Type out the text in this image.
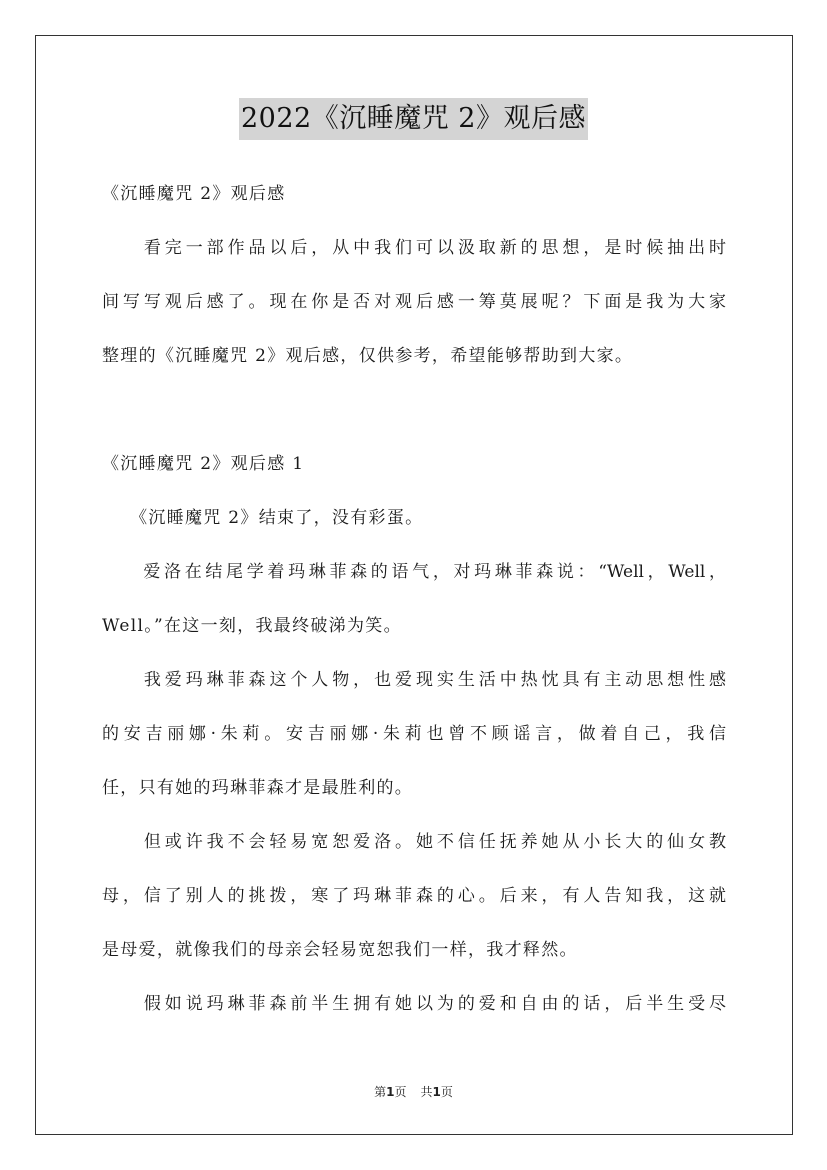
2022《沉睡魔咒 2》观后感
《沉睡魔咒 2》观后感
　　看完一部作品以后，从中我们可以汲取新的思想，是时候抽出时
间写写观后感了。现在你是否对观后感一筹莫展呢？下面是我为大家
整理的《沉睡魔咒 2》观后感，仅供参考，希望能够帮助到大家。
《沉睡魔咒 2》观后感 1
　　《沉睡魔咒 2》结束了，没有彩蛋。
　　爱洛在结尾学着玛琳菲森的语气，对玛琳菲森说：“Well，Well，
Well。”在这一刻，我最终破涕为笑。
　　我爱玛琳菲森这个人物，也爱现实生活中热忱具有主动思想性感
的安吉丽娜·朱莉。安吉丽娜·朱莉也曾不顾谣言，做着自己，我信
任，只有她的玛琳菲森才是最胜利的。
　　但或许我不会轻易宽恕爱洛。她不信任抚养她从小长大的仙女教
母，信了别人的挑拨，寒了玛琳菲森的心。后来，有人告知我，这就
是母爱，就像我们的母亲会轻易宽恕我们一样，我才释然。
　　假如说玛琳菲森前半生拥有她以为的爱和自由的话，后半生受尽
第1页 共1页
